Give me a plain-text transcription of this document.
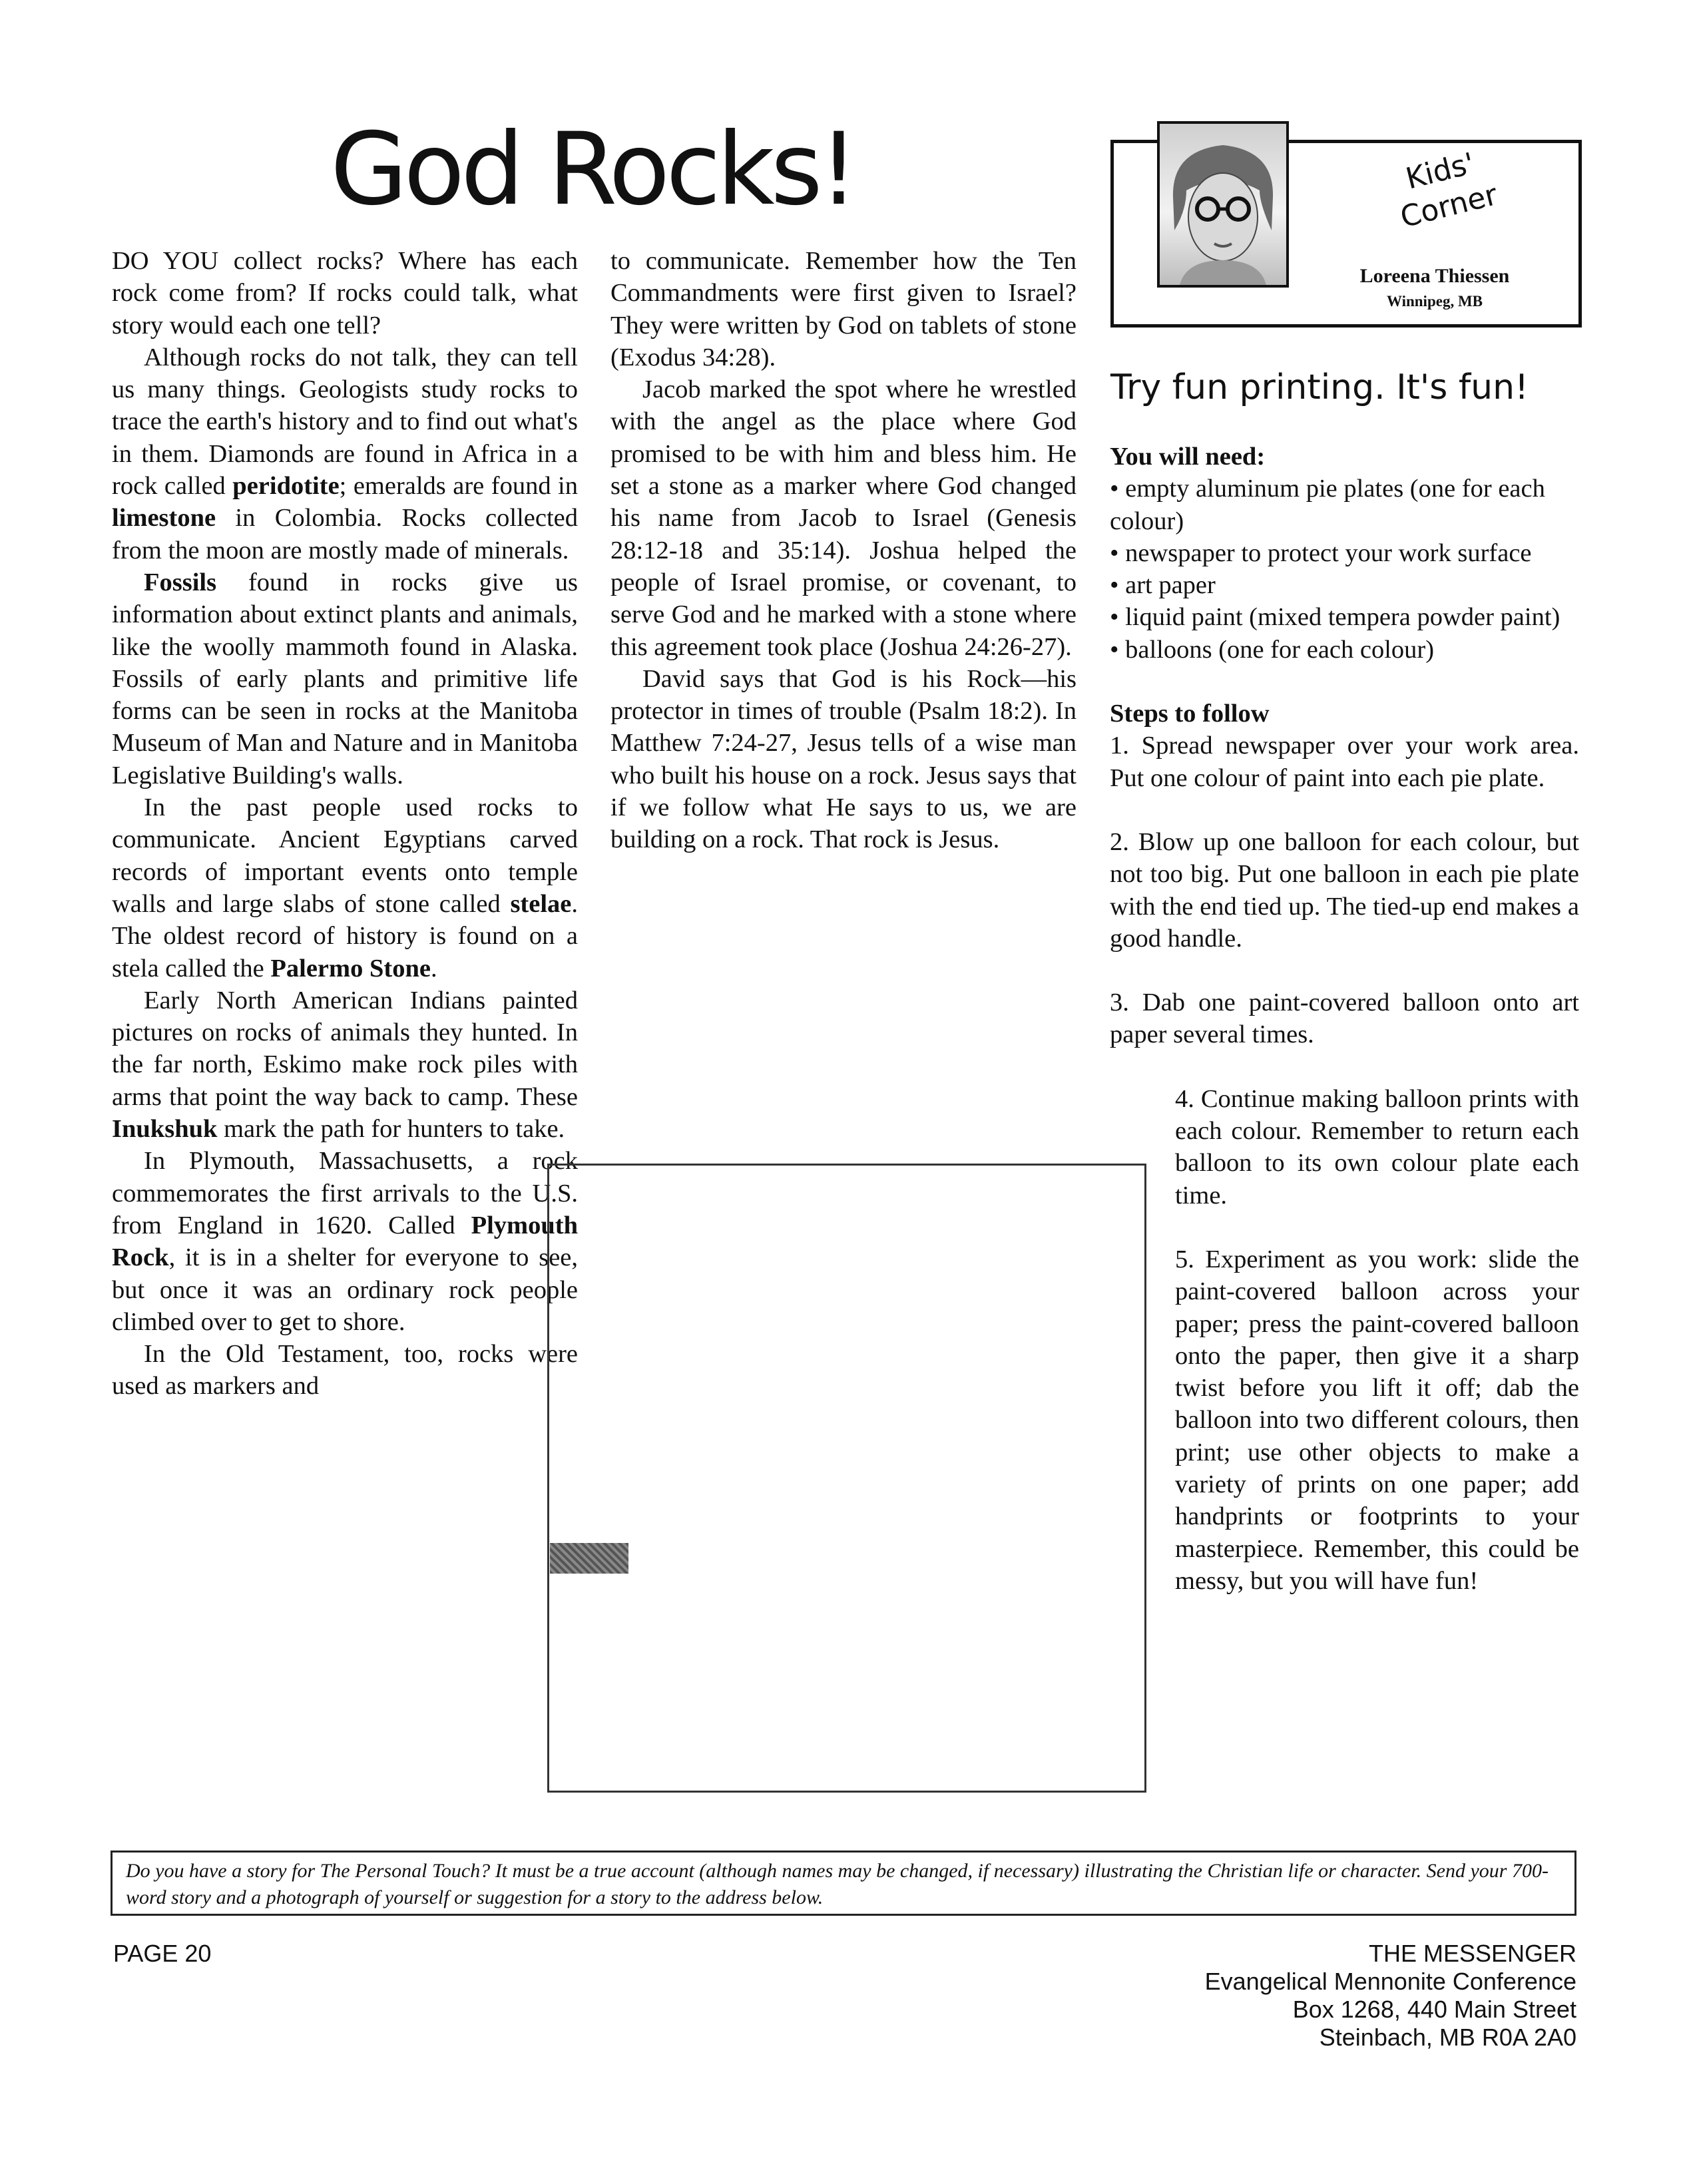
God Rocks!	Kids' Corner
Loreena Thiessen
Winnipeg, MB

DO YOU collect rocks? Where has each rock come from? If rocks could talk, what story would each one tell?

Although rocks do not talk, they can tell us many things. Geologists study rocks to trace the earth's history and to find out what's in them. Diamonds are found in Africa in a rock called peridotite; emeralds are found in limestone in Colombia. Rocks collected from the moon are mostly made of minerals.

Fossils found in rocks give us information about extinct plants and animals, like the woolly mammoth found in Alaska. Fossils of early plants and primitive life forms can be seen in rocks at the Manitoba Museum of Man and Nature and in Manitoba Legislative Building's walls.

In the past people used rocks to communicate. Ancient Egyptians carved records of important events onto temple walls and large slabs of stone called stelae. The oldest record of history is found on a stela called the Palermo Stone.

Early North American Indians painted pictures on rocks of animals they hunted. In the far north, Eskimo make rock piles with arms that point the way back to camp. These Inukshuk mark the path for hunters to take.

In Plymouth, Massachusetts, a rock commemorates the first arrivals to the U.S. from England in 1620. Called Plymouth Rock, it is in a shelter for everyone to see, but once it was an ordinary rock people climbed over to get to shore.

In the Old Testament, too, rocks were used as markers and

to communicate. Remember how the Ten Commandments were first given to Israel? They were written by God on tablets of stone (Exodus 34:28).

Jacob marked the spot where he wrestled with the angel as the place where God promised to be with him and bless him. He set a stone as a marker where God changed his name from Jacob to Israel (Genesis 28:12-18 and 35:14). Joshua helped the people of Israel promise, or covenant, to serve God and he marked with a stone where this agreement took place (Joshua 24:26-27).

David says that God is his Rock—his protector in times of trouble (Psalm 18:2). In Matthew 7:24-27, Jesus tells of a wise man who built his house on a rock. Jesus says that if we follow what He says to us, we are building on a rock. That rock is Jesus.

Try fun printing. It's fun!

You will need:

• empty aluminum pie plates (one for each colour)

• newspaper to protect your work surface

• art paper

• liquid paint (mixed tempera powder paint)

• balloons (one for each colour)

Steps to follow

1. Spread newspaper over your work area. Put one colour of paint into each pie plate.

2. Blow up one balloon for each colour, but not too big. Put one balloon in each pie plate with the end tied up. The tied-up end makes a good handle.

3. Dab one paint-covered balloon onto art paper several times.

4. Continue making balloon prints with each colour. Remember to return each balloon to its own colour plate each time.

5. Experiment as you work: slide the paint-covered balloon across your paper; press the paint-covered balloon onto the paper, then give it a sharp twist before you lift it off; dab the balloon into two different colours, then print; use other objects to make a variety of prints on one paper; add handprints or footprints to your masterpiece. Remember, this could be messy, but you will have fun!

Do you have a story for The Personal Touch? It must be a true account (although names may be changed, if necessary) illustrating the Christian life or character. Send your 700-word story and a photograph of yourself or suggestion for a story to the address below.
PAGE 20	THE MESSENGER
Evangelical Mennonite Conference
Box 1268, 440 Main Street
Steinbach, MB R0A 2A0
